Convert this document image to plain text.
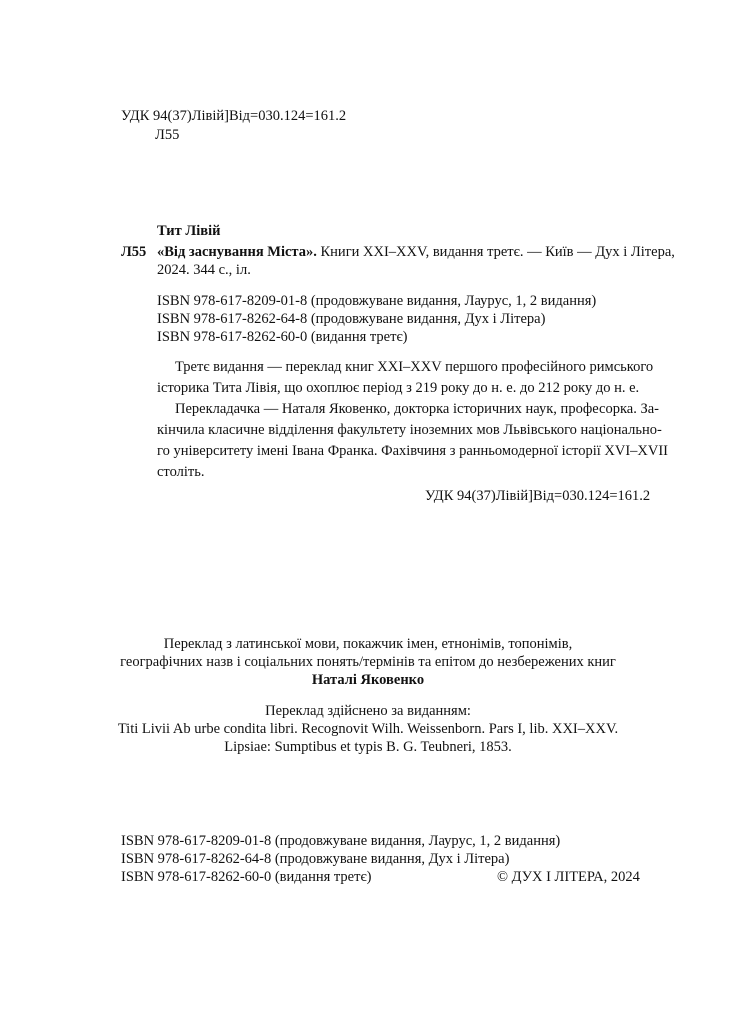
УДК 94(37)Лівій]Від=030.124=161.2
Л55
Тит Лівій
Л55 «Від заснування Міста». Книги XXI–XXV, видання третє. — Київ — Дух і Літера,
2024. 344 с., іл.
ISBN 978-617-8209-01-8 (продовжуване видання, Лаурус, 1, 2 видання)
ISBN 978-617-8262-64-8 (продовжуване видання, Дух і Літера)
ISBN 978-617-8262-60-0 (видання третє)
Третє видання — переклад книг XXI–XXV першого професійного римського
історика Тита Лівія, що охоплює період з 219 року до н. е. до 212 року до н. е.
Перекладачка — Наталя Яковенко, докторка історичних наук, професорка. За-
кінчила класичне відділення факультету іноземних мов Львівського національно-
го університету імені Івана Франка. Фахівчиня з ранньомодерної історії XVI–XVII
століть.
УДК 94(37)Лівій]Від=030.124=161.2
Переклад з латинської мови, покажчик імен, етнонімів, топонімів,
географічних назв і соціальних понять/термінів та епітом до незбережених книг
Наталі Яковенко
Переклад здійснено за виданням:
Titi Livii Ab urbe condita libri. Recognovit Wilh. Weissenborn. Pars I, lib. XXI–XXV.
Lipsiae: Sumptibus et typis B. G. Teubneri, 1853.
ISBN 978-617-8209-01-8 (продовжуване видання, Лаурус, 1, 2 видання)
ISBN 978-617-8262-64-8 (продовжуване видання, Дух і Літера)
ISBN 978-617-8262-60-0 (видання третє)	© ДУХ І ЛІТЕРА, 2024
